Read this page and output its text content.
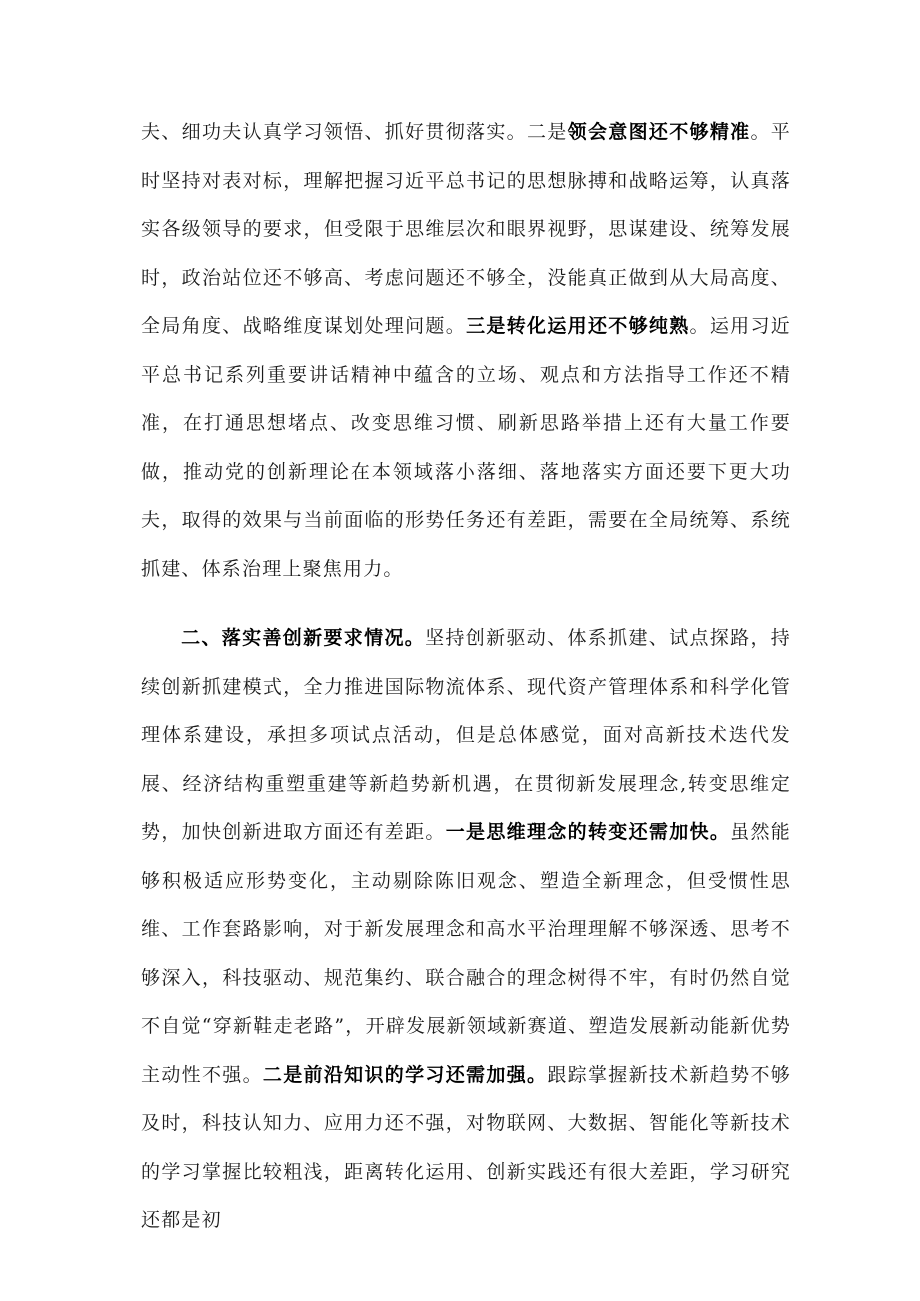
夫、细功夫认真学习领悟、抓好贯彻落实。二是领会意图还不够精准。平时坚持对表对标，理解把握习近平总书记的思想脉搏和战略运筹，认真落实各级领导的要求，但受限于思维层次和眼界视野，思谋建设、统筹发展时，政治站位还不够高、考虑问题还不够全，没能真正做到从大局高度、全局角度、战略维度谋划处理问题。三是转化运用还不够纯熟。运用习近平总书记系列重要讲话精神中蕴含的立场、观点和方法指导工作还不精准，在打通思想堵点、改变思维习惯、刷新思路举措上还有大量工作要做，推动党的创新理论在本领域落小落细、落地落实方面还要下更大功夫，取得的效果与当前面临的形势任务还有差距，需要在全局统筹、系统抓建、体系治理上聚焦用力。

二、落实善创新要求情况。坚持创新驱动、体系抓建、试点探路，持续创新抓建模式，全力推进国际物流体系、现代资产管理体系和科学化管理体系建设，承担多项试点活动，但是总体感觉，面对高新技术迭代发展、经济结构重塑重建等新趋势新机遇，在贯彻新发展理念,转变思维定势，加快创新进取方面还有差距。一是思维理念的转变还需加快。虽然能够积极适应形势变化，主动剔除陈旧观念、塑造全新理念，但受惯性思维、工作套路影响，对于新发展理念和高水平治理理解不够深透、思考不够深入，科技驱动、规范集约、联合融合的理念树得不牢，有时仍然自觉不自觉“穿新鞋走老路”，开辟发展新领域新赛道、塑造发展新动能新优势主动性不强。二是前沿知识的学习还需加强。跟踪掌握新技术新趋势不够及时，科技认知力、应用力还不强，对物联网、大数据、智能化等新技术的学习掌握比较粗浅，距离转化运用、创新实践还有很大差距，学习研究还都是初
